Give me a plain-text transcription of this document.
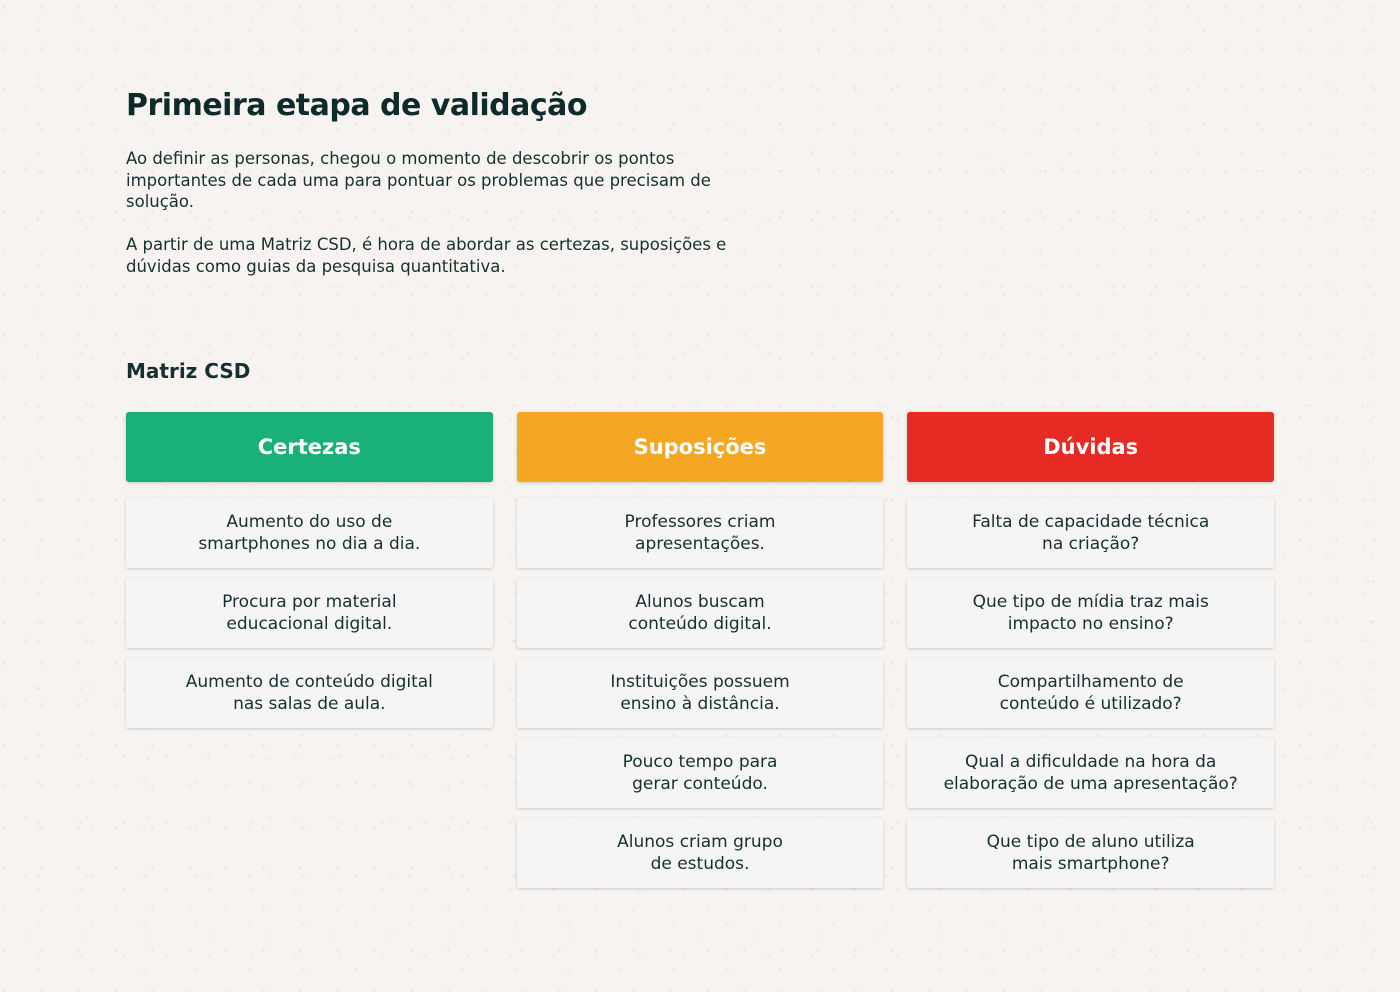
Primeira etapa de validação

Ao definir as personas, chegou o momento de descobrir os pontos importantes de cada uma para pontuar os problemas que precisam de solução.

A partir de uma Matriz CSD, é hora de abordar as certezas, suposições e dúvidas como guias da pesquisa quantitativa.

Matriz CSD
Certezas
Aumento do uso de
smartphones no dia a dia.
Procura por material
educacional digital.
Aumento de conteúdo digital
nas salas de aula.
Suposições
Professores criam
apresentações.
Alunos buscam
conteúdo digital.
Instituições possuem
ensino à distância.
Pouco tempo para
gerar conteúdo.
Alunos criam grupo
de estudos.
Dúvidas
Falta de capacidade técnica
na criação?
Que tipo de mídia traz mais
impacto no ensino?
Compartilhamento de
conteúdo é utilizado?
Qual a dificuldade na hora da
elaboração de uma apresentação?
Que tipo de aluno utiliza
mais smartphone?
